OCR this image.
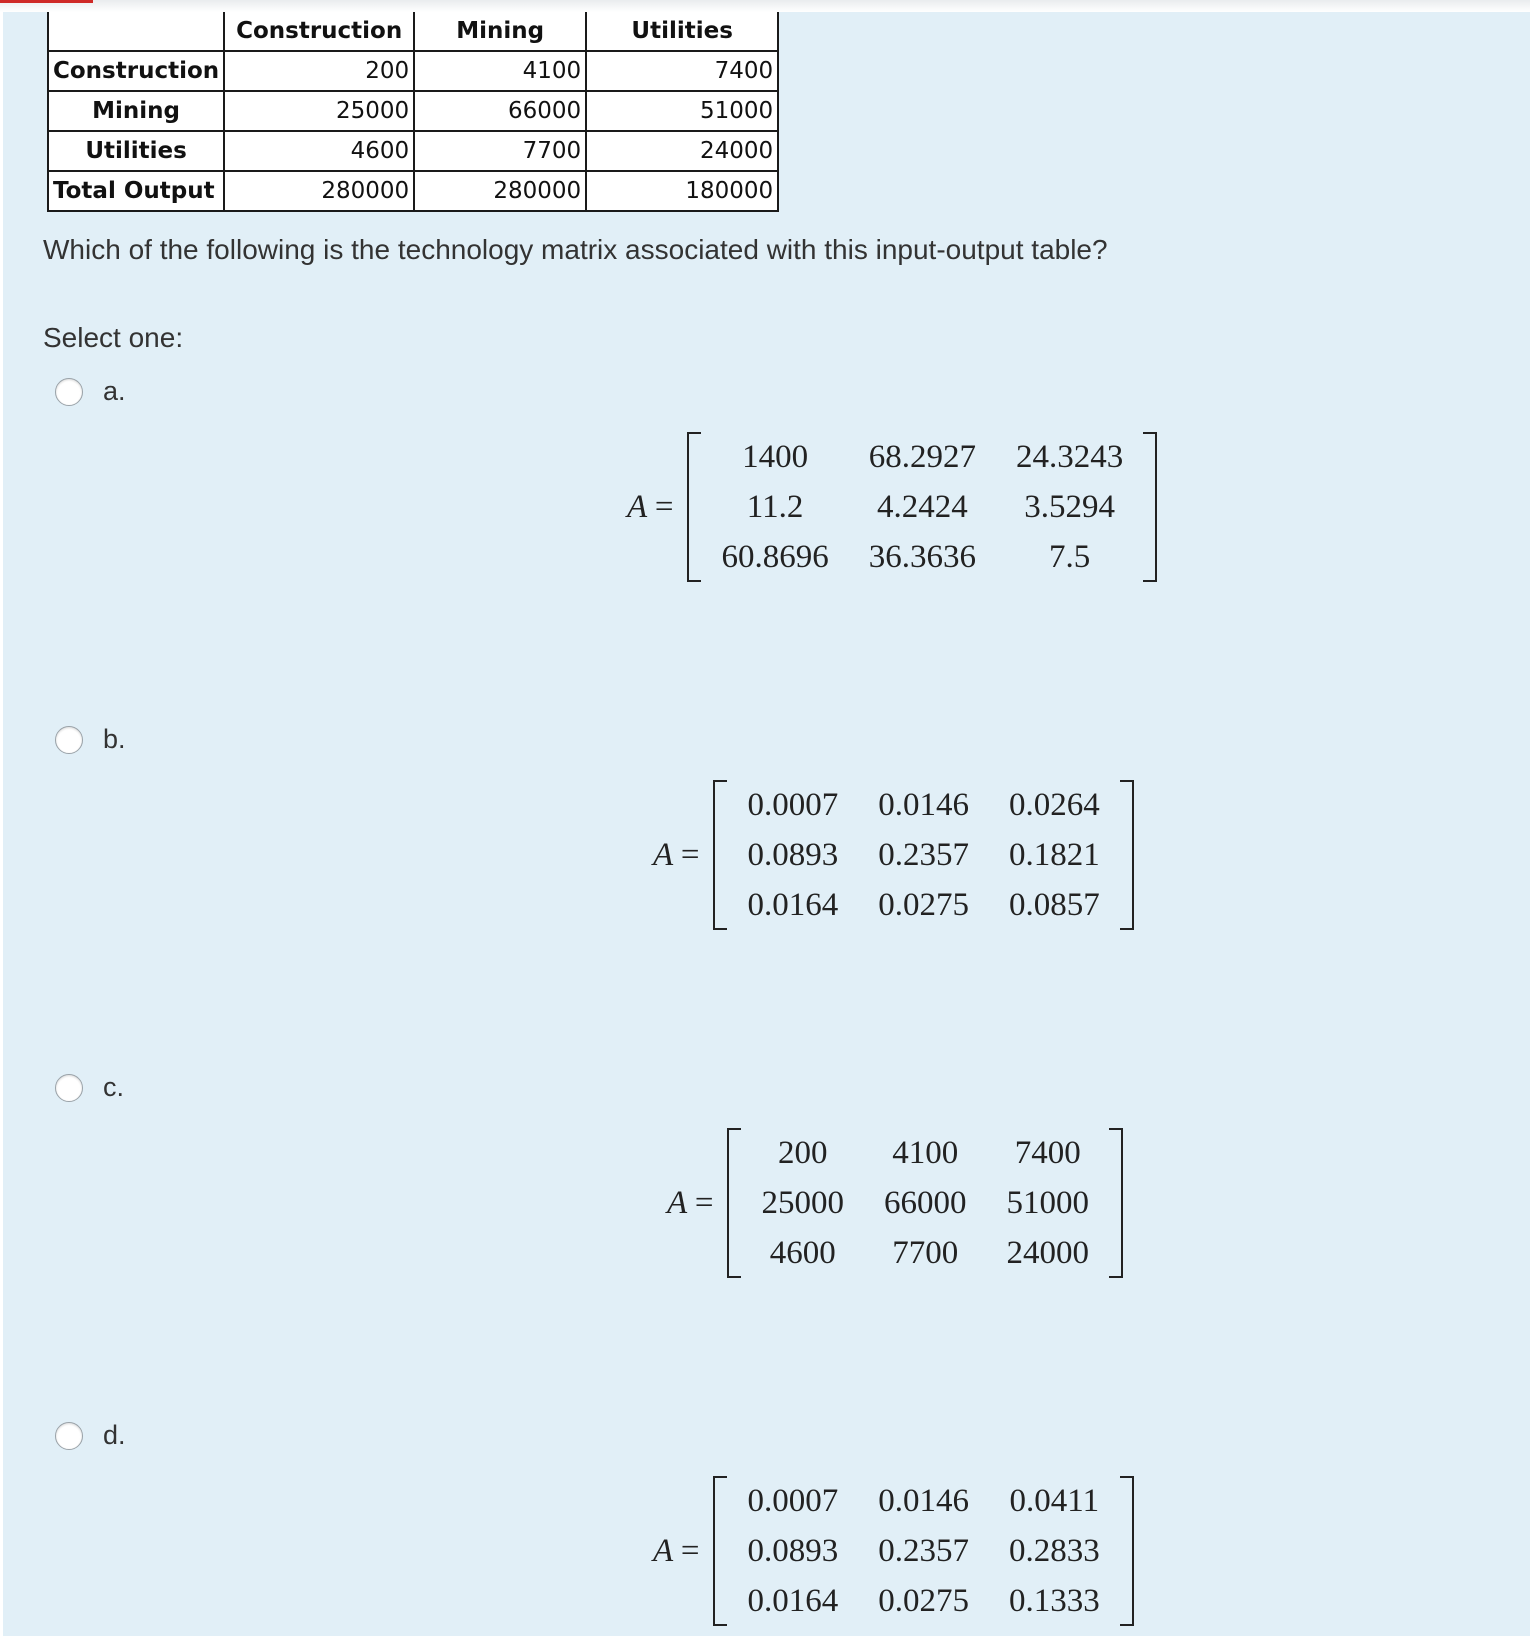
	Construction	Mining	Utilities
Construction	200	4100	7400
Mining	25000	66000	51000
Utilities	4600	7700	24000
Total Output	280000	280000	180000
Which of the following is the technology matrix associated with this input-output table?
Select one:
a.
A =
1400	68.2927	24.3243
11.2	4.2424	3.5294
60.8696	36.3636	7.5
b.
A =
0.0007	0.0146	0.0264
0.0893	0.2357	0.1821
0.0164	0.0275	0.0857
c.
A =
200	4100	7400
25000	66000	51000
4600	7700	24000
d.
A =
0.0007	0.0146	0.0411
0.0893	0.2357	0.2833
0.0164	0.0275	0.1333
